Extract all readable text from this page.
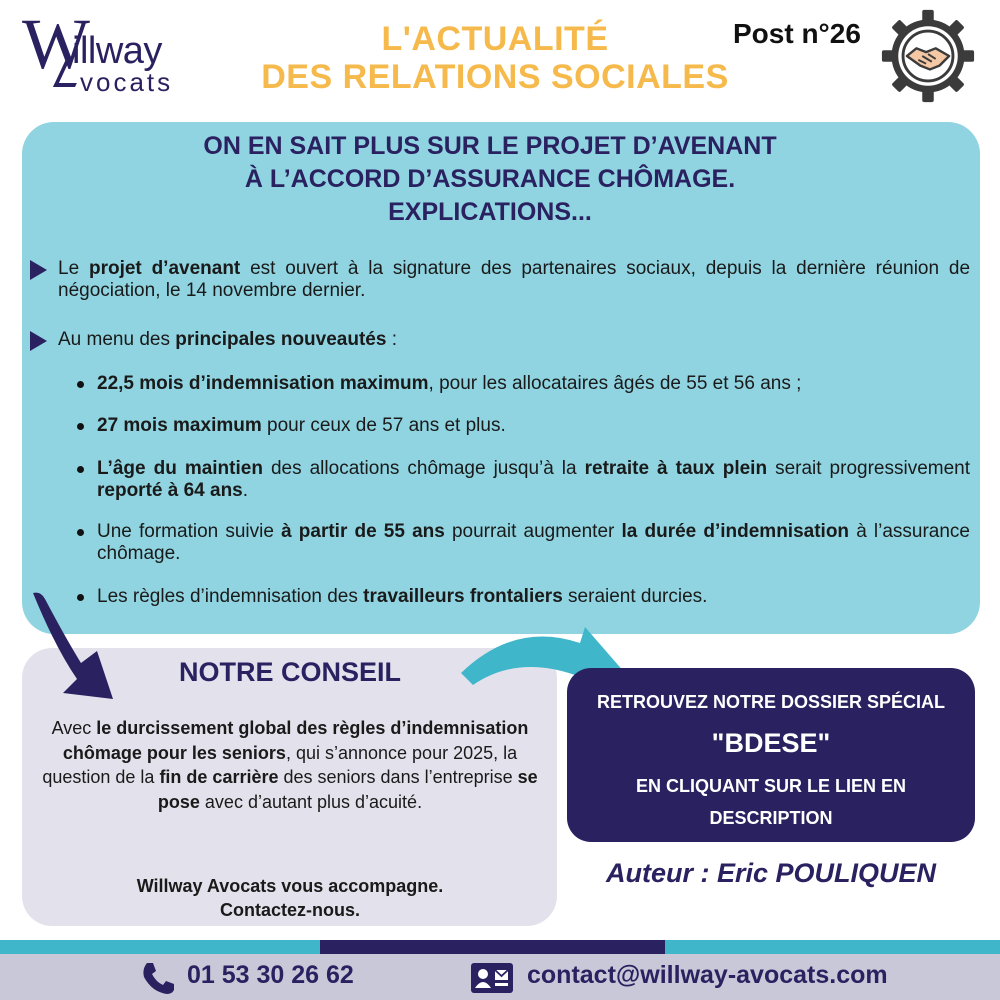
W
illway
vocats
L'ACTUALITÉ
DES RELATIONS SOCIALES
Post n°26
ON EN SAIT PLUS SUR LE PROJET D’AVENANT
À L’ACCORD D’ASSURANCE CHÔMAGE.
EXPLICATIONS...
Le projet d’avenant est ouvert à la signature des partenaires sociaux, depuis la dernière réunion de négociation, le 14 novembre dernier.
Au menu des principales nouveautés :
22,5 mois d’indemnisation maximum, pour les allocataires âgés de 55 et 56 ans ;
27 mois maximum pour ceux de 57 ans et plus.
L’âge du maintien des allocations chômage jusqu’à la retraite à taux plein serait progressivement reporté à 64 ans.
Une formation suivie à partir de 55 ans pourrait augmenter la durée d’indemnisation à l’assurance chômage.
Les règles d’indemnisation des travailleurs frontaliers seraient durcies.
NOTRE CONSEIL
Avec le durcissement global des règles d’indemnisation chômage pour les seniors, qui s’annonce pour 2025, la question de la fin de carrière des seniors dans l’entreprise se pose avec d’autant plus d’acuité.
Willway Avocats vous accompagne.
Contactez-nous.
RETROUVEZ NOTRE DOSSIER SPÉCIAL
"BDESE"
EN CLIQUANT SUR LE LIEN EN
DESCRIPTION
Auteur : Eric POULIQUEN
01 53 30 26 62	contact@willway-avocats.com
